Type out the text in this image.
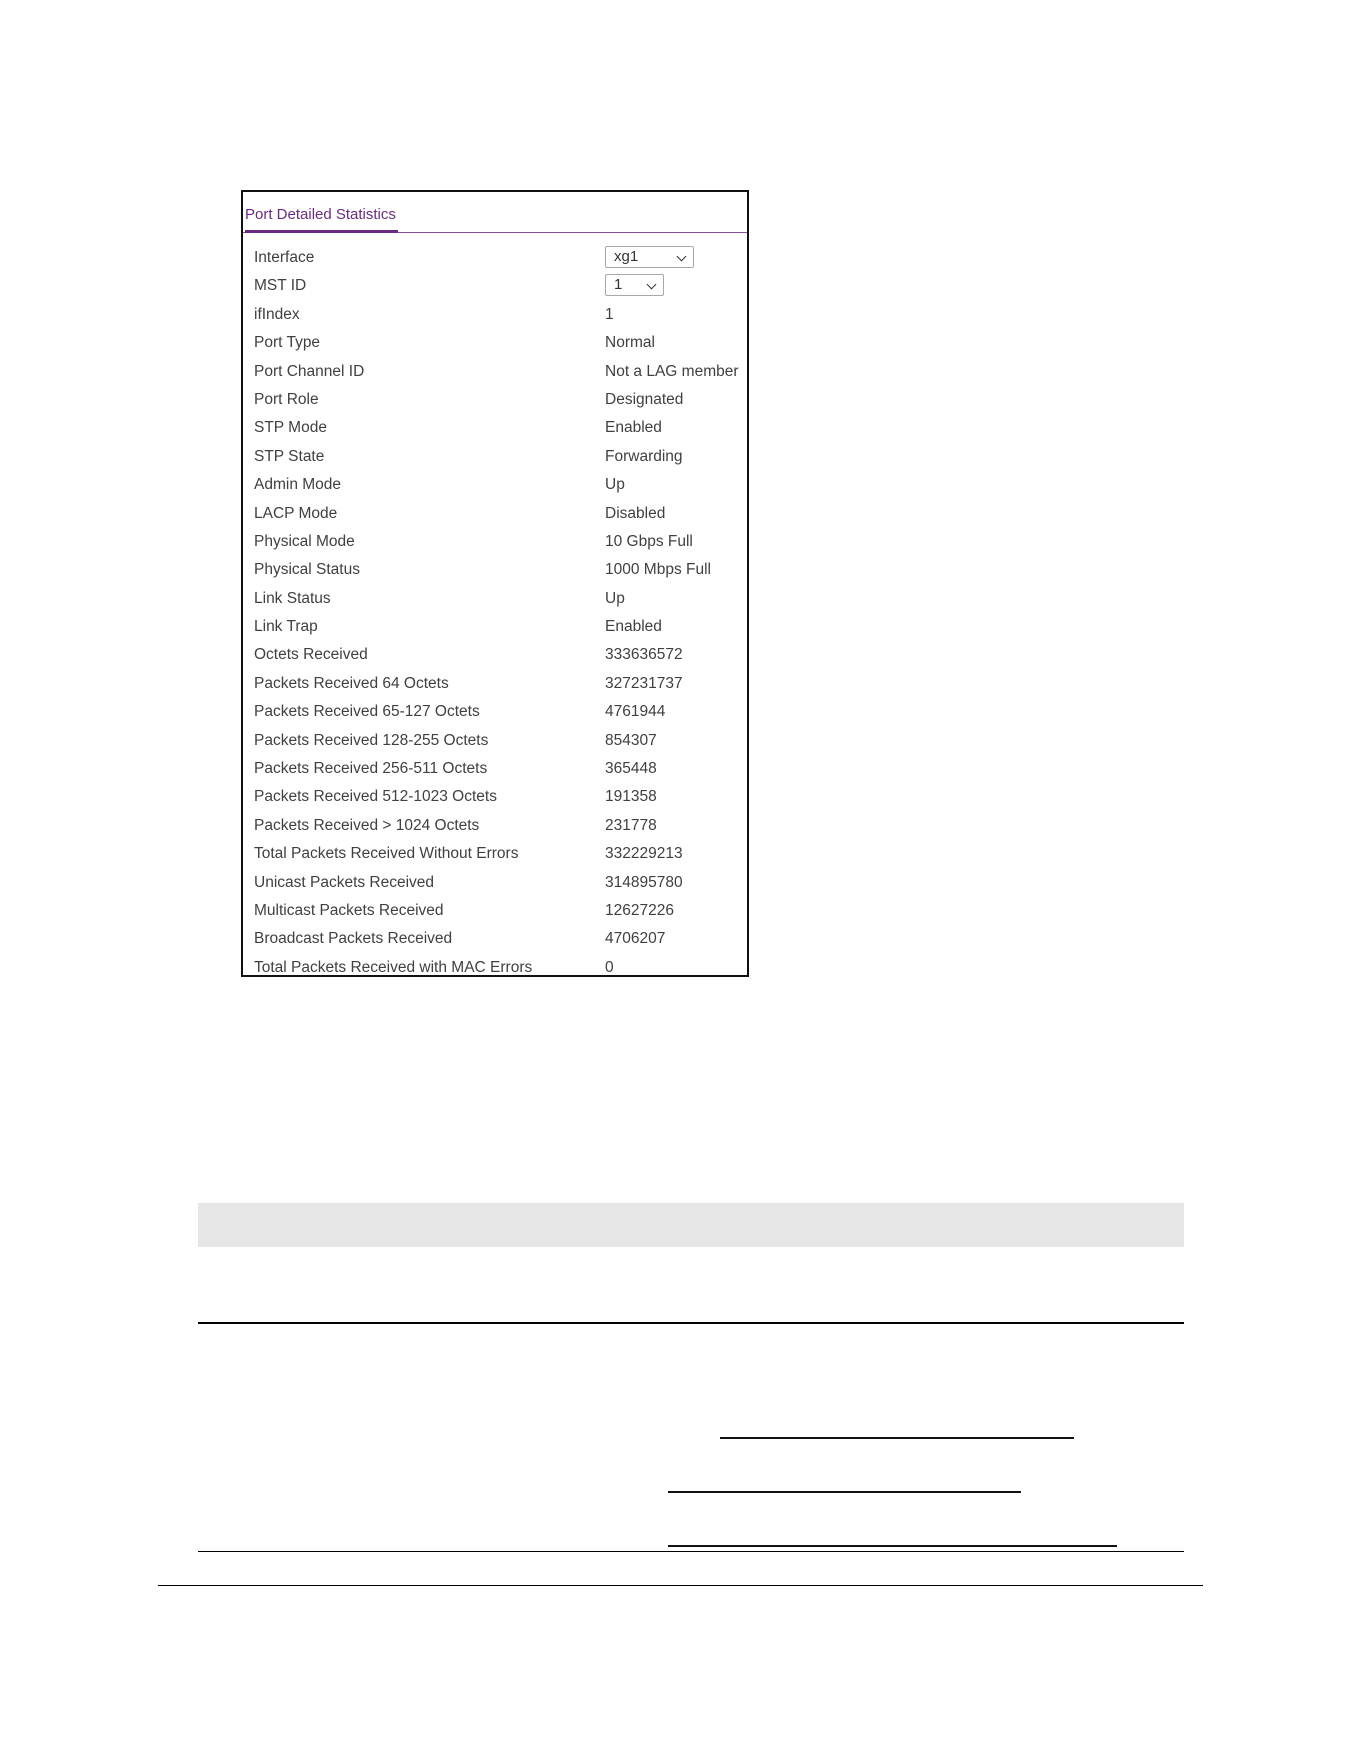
Port Detailed Statistics
Interface	xg1
MST ID	1
ifIndex	1
Port Type	Normal
Port Channel ID	Not a LAG member
Port Role	Designated
STP Mode	Enabled
STP State	Forwarding
Admin Mode	Up
LACP Mode	Disabled
Physical Mode	10 Gbps Full
Physical Status	1000 Mbps Full
Link Status	Up
Link Trap	Enabled
Octets Received	333636572
Packets Received 64 Octets	327231737
Packets Received 65-127 Octets	4761944
Packets Received 128-255 Octets	854307
Packets Received 256-511 Octets	365448
Packets Received 512-1023 Octets	191358
Packets Received > 1024 Octets	231778
Total Packets Received Without Errors	332229213
Unicast Packets Received	314895780
Multicast Packets Received	12627226
Broadcast Packets Received	4706207
Total Packets Received with MAC Errors	0
